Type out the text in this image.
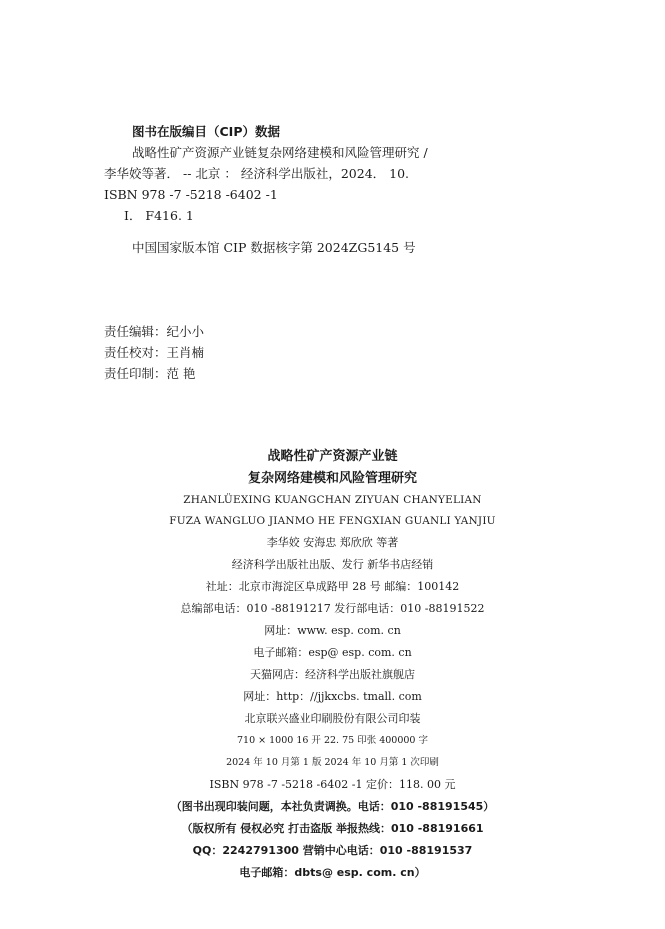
图书在版编目（CIP）数据
战略性矿产资源产业链复杂网络建模和风险管理研究 /
李华姣等著． -- 北京 ： 经济科学出版社，2024． 10.
ISBN 978 -7 -5218 -6402 -1
Ⅰ． F416. 1
中国国家版本馆 CIP 数据核字第 2024ZG5145 号
责任编辑：纪小小
责任校对：王肖楠
责任印制：范 艳
战略性矿产资源产业链
复杂网络建模和风险管理研究
ZHANLÜEXING KUANGCHAN ZIYUAN CHANYELIAN
FUZA WANGLUO JIANMO HE FENGXIAN GUANLI YANJIU
李华姣 安海忠 郑欣欣 等著
经济科学出版社出版、发行 新华书店经销
社址：北京市海淀区阜成路甲 28 号 邮编：100142
总编部电话：010 -88191217 发行部电话：010 -88191522
网址：www. esp. com. cn
电子邮箱：esp@ esp. com. cn
天猫网店：经济科学出版社旗舰店
网址：http：//jjkxcbs. tmall. com
北京联兴盛业印刷股份有限公司印装
710 × 1000 16 开 22. 75 印张 400000 字
2024 年 10 月第 1 版 2024 年 10 月第 1 次印刷
ISBN 978 -7 -5218 -6402 -1 定价：118. 00 元
（图书出现印装问题，本社负责调换。电话：010 -88191545）
（版权所有 侵权必究 打击盗版 举报热线：010 -88191661
QQ：2242791300 营销中心电话：010 -88191537
电子邮箱：dbts@ esp. com. cn）
